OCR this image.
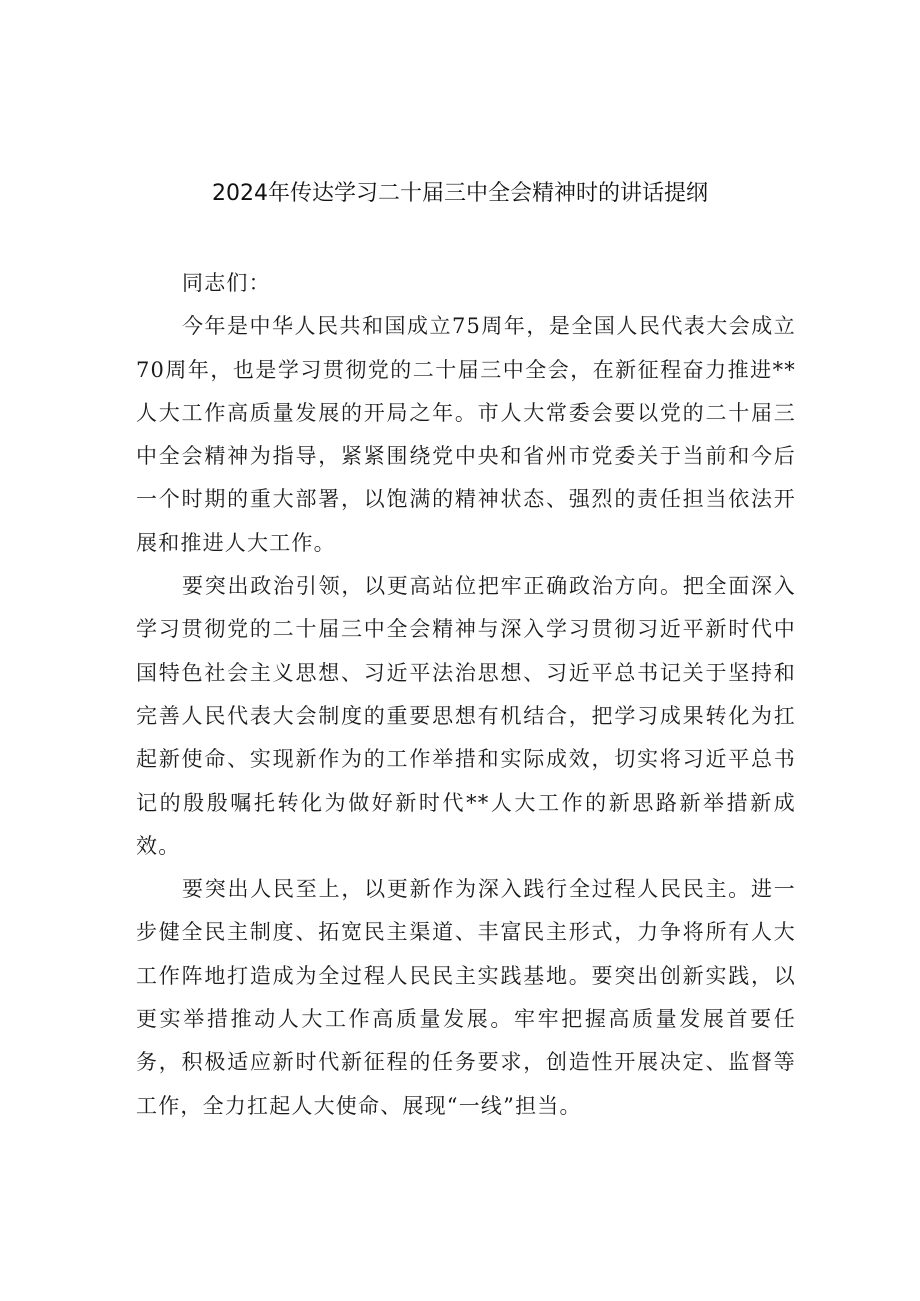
2024年传达学习二十届三中全会精神时的讲话提纲

同志们：

今年是中华人民共和国成立75周年，是全国人民代表大会成立70周年，也是学习贯彻党的二十届三中全会，在新征程奋力推进**人大工作高质量发展的开局之年。市人大常委会要以党的二十届三中全会精神为指导，紧紧围绕党中央和省州市党委关于当前和今后一个时期的重大部署，以饱满的精神状态、强烈的责任担当依法开展和推进人大工作。

要突出政治引领，以更高站位把牢正确政治方向。把全面深入学习贯彻党的二十届三中全会精神与深入学习贯彻习近平新时代中国特色社会主义思想、习近平法治思想、习近平总书记关于坚持和完善人民代表大会制度的重要思想有机结合，把学习成果转化为扛起新使命、实现新作为的工作举措和实际成效，切实将习近平总书记的殷殷嘱托转化为做好新时代**人大工作的新思路新举措新成效。

要突出人民至上，以更新作为深入践行全过程人民民主。进一步健全民主制度、拓宽民主渠道、丰富民主形式，力争将所有人大工作阵地打造成为全过程人民民主实践基地。要突出创新实践，以更实举措推动人大工作高质量发展。牢牢把握高质量发展首要任务，积极适应新时代新征程的任务要求，创造性开展决定、监督等工作，全力扛起人大使命、展现“一线”担当。
